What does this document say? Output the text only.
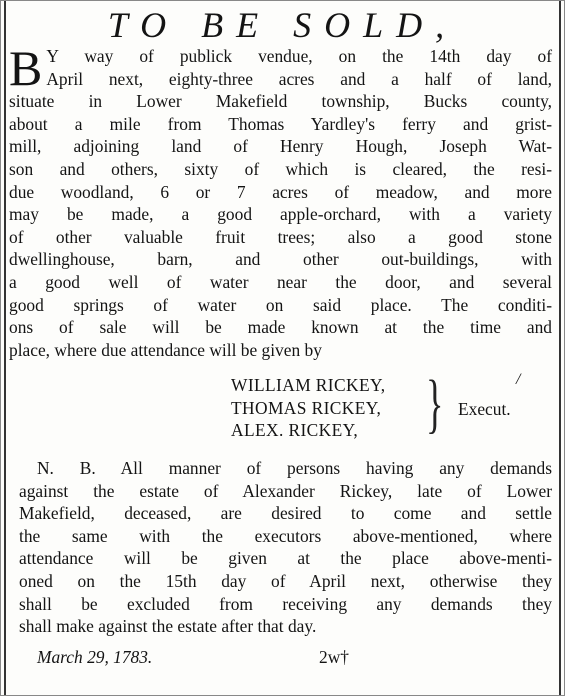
TO BE SOLD,
B Y way of publick vendue, on the 14th day of
April next, eighty-three acres and a half of land,
situate in Lower Makefield township, Bucks county,
about a mile from Thomas Yardley's ferry and grist-
mill, adjoining land of Henry Hough, Joseph Wat-
son and others, sixty of which is cleared, the resi-
due woodland, 6 or 7 acres of meadow, and more
may be made, a good apple-orchard, with a variety
of other valuable fruit trees; also a good stone
dwellinghouse, barn, and other out-buildings, with
a good well of water near the door, and several
good springs of water on said place. The conditi-
ons of sale will be made known at the time and
place, where due attendance will be given by
WILLIAM RICKEY,
THOMAS RICKEY,
ALEX. RICKEY,	}	/
Execut.
N. B. All manner of persons having any demands
against the estate of Alexander Rickey, late of Lower
Makefield, deceased, are desired to come and settle
the same with the executors above-mentioned, where
attendance will be given at the place above-menti-
oned on the 15th day of April next, otherwise they
shall be excluded from receiving any demands they
shall make against the estate after that day.
March 29, 1783.	2w†
